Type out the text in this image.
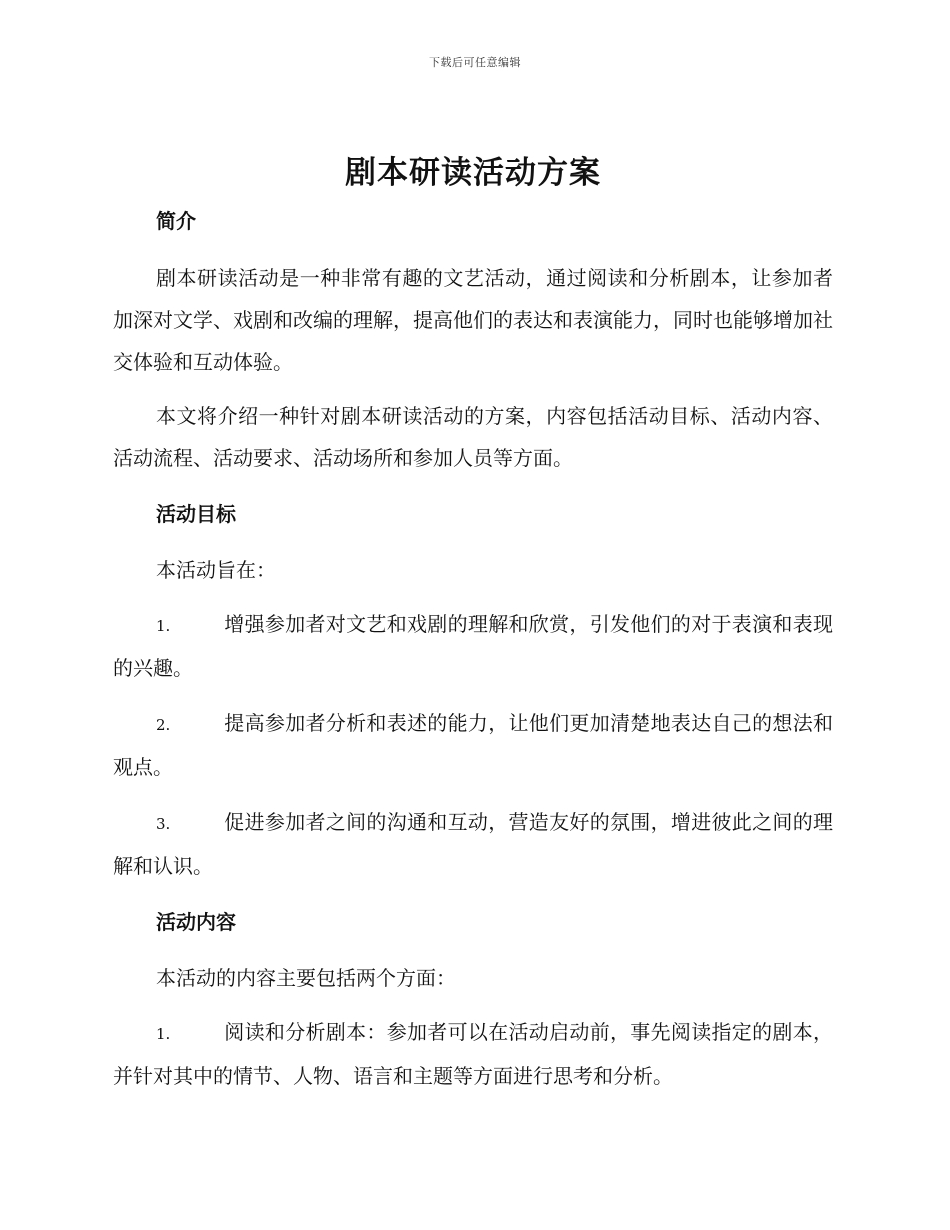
下载后可任意编辑
剧本研读活动方案
简介

剧本研读活动是一种非常有趣的文艺活动，通过阅读和分析剧本，让参加者加深对文学、戏剧和改编的理解，提高他们的表达和表演能力，同时也能够增加社交体验和互动体验。

本文将介绍一种针对剧本研读活动的方案，内容包括活动目标、活动内容、活动流程、活动要求、活动场所和参加人员等方面。

活动目标

本活动旨在：

1.	增强参加者对文艺和戏剧的理解和欣赏，引发他们的对于表演和表现的兴趣。

2.	提高参加者分析和表述的能力，让他们更加清楚地表达自己的想法和观点。

3.	促进参加者之间的沟通和互动，营造友好的氛围，增进彼此之间的理解和认识。

活动内容

本活动的内容主要包括两个方面：

1.	阅读和分析剧本：参加者可以在活动启动前，事先阅读指定的剧本，并针对其中的情节、人物、语言和主题等方面进行思考和分析。
